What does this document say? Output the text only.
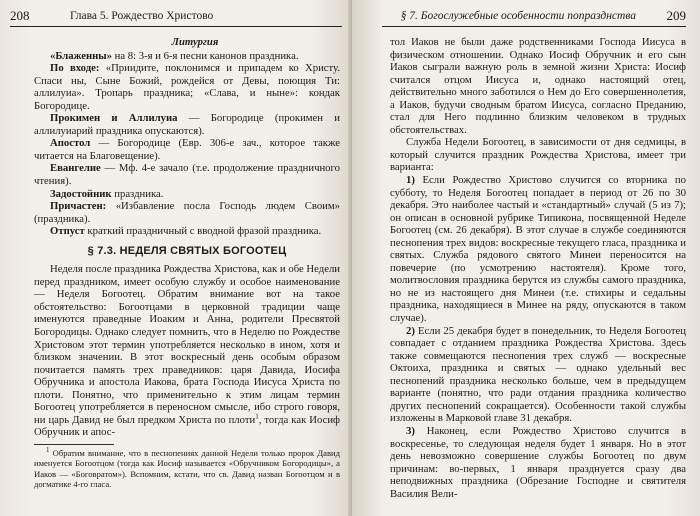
208	Глава 5. Рождество Христово

Литургия

«Блаженны» на 8: 3-я и 6-я песни канонов праздника.

По входе: «Приидите, поклонимся и припадем ко Христу. Спаси ны, Сыне Божий, рождейся от Девы, поющия Ти: аллилуиа». Тропарь праздника; «Слава, и ныне»: кондак Богородице.

Прокимен и Аллилуиа — Богородице (прокимен и аллилуиарий праздника опускаются).

Апостол — Богородице (Евр. 306-е зач., которое также читается на Благовещение).

Евангелие — Мф. 4-е зачало (т.е. продолжение праздничного чтения).

Задостойник праздника.

Причастен: «Избавление посла Господь людем Своим» (праздника).

Отпуст краткий праздничный с вводной фразой праздника.

§ 7.3. НЕДЕЛЯ СВЯТЫХ БОГООТЕЦ

Неделя после праздника Рождества Христова, как и обе Недели перед праздником, имеет особую службу и особое наименование — Неделя Богоотец. Обратим внимание вот на такое обстоятельство: Богоотцами в церковной традиции чаще именуются праведные Иоаким и Анна, родители Пресвятой Богородицы. Однако следует помнить, что в Неделю по Рождестве Христовом этот термин употребляется несколько в ином, хотя и близком значении. В этот воскресный день особым образом почитается память трех праведников: царя Давида, Иосифа Обручника и апостола Иакова, брата Господа Иисуса Христа по плоти. Понятно, что применительно к этим лицам термин Богоотец употребляется в переносном смысле, ибо строго говоря, ни царь Давид не был предком Христа по плоти$^1$, тогда как Иосиф Обручник и апос-

$^1$ Обратим внимание, что в песнопениях данной Недели только пророк Давид именуется Богоотцом (тогда как Иосиф называется «Обручником Богородицы», а Иаков — «Боговратом»). Вспомним, кстати, что св. Давид назван Богоотцом и в догматике 4-го гласа.

§ 7. Богослужебные особенности попразднства 209

тол Иаков не были даже родственниками Господа Иисуса в физическом отношении. Однако Иосиф Обручник и его сын Иаков сыграли важную роль в земной жизни Христа: Иосиф считался отцом Иисуса и, однако настоящий отец, действительно много заботился о Нем до Его совершеннолетия, а Иаков, будучи сводным братом Иисуса, согласно Преданию, стал для Него подлинно близким человеком в трудных обстоятельствах.

Служба Недели Богоотец, в зависимости от дня седмицы, в который случится праздник Рождества Христова, имеет три варианта:

1) Если Рождество Христово случится со вторника по субботу, то Неделя Богоотец попадает в период от 26 по 30 декабря. Это наиболее частый и «стандартный» случай (5 из 7); он описан в основной рубрике Типикона, посвященной Неделе Богоотец (см. 26 декабря). В этот случае в службе соединяются песнопения трех видов: воскресные текущего гласа, праздника и святых. Служба рядового святого Минеи переносится на повечерие (по усмотрению настоятеля). Кроме того, молитвословия праздника берутся из службы самого праздника, но не из настоящего дня Минеи (т.е. стихиры и седальны праздника, находящиеся в Минее на ряду, опускаются в таком случае).

2) Если 25 декабря будет в понедельник, то Неделя Богоотец совпадает с отданием праздника Рождества Христова. Здесь также совмещаются песнопения трех служб — воскресные Октоиха, праздника и святых — однако удельный вес песнопений праздника несколько больше, чем в предыдущем варианте (понятно, что ради отдания праздника количество других песнопений сокращается). Особенности такой службы изложены в Марковой главе 31 декабря.

3) Наконец, если Рождество Христово случится в воскресенье, то следующая неделя будет 1 января. Но в этот день невозможно совершение службы Богоотец по двум причинам: во-первых, 1 января празднуется сразу два неподвижных праздника (Обрезание Господне и святителя Василия Вели-
